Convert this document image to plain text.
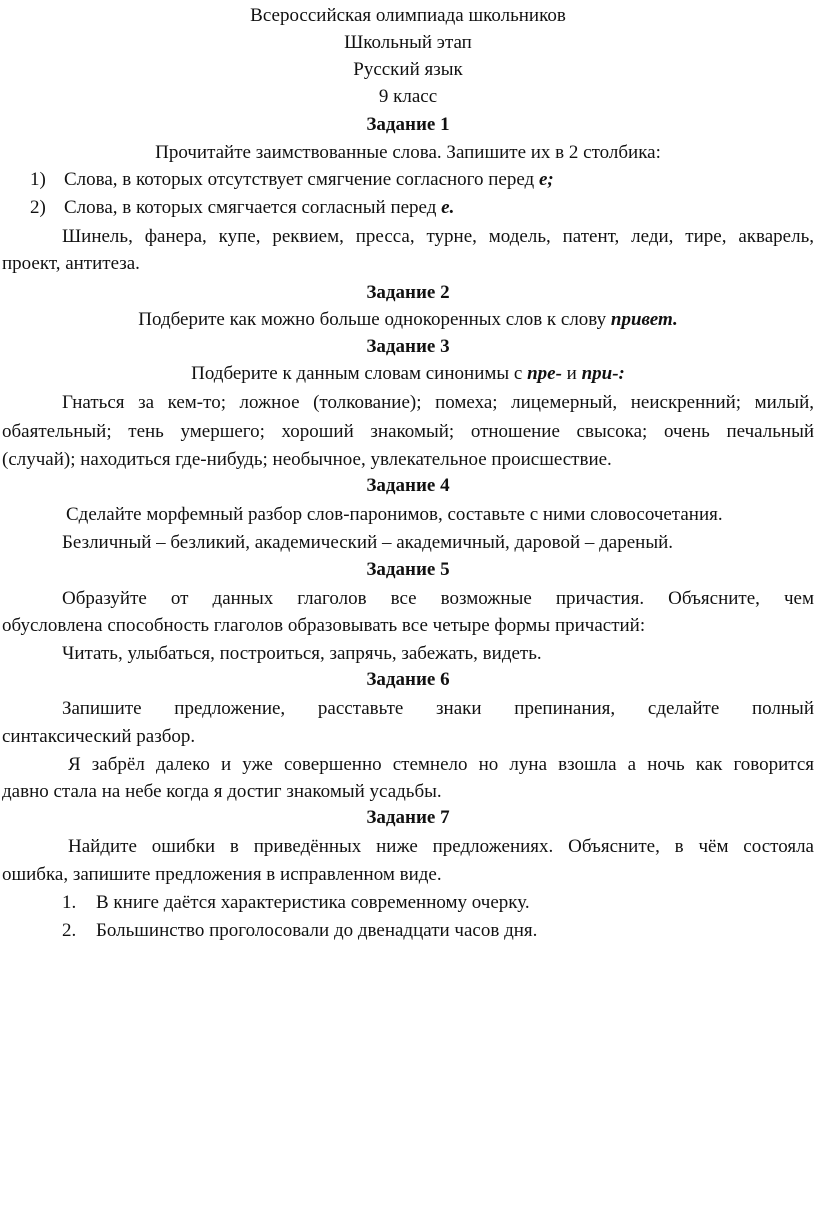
Всероссийская олимпиада школьников
Школьный этап
Русский язык
9 класс
Задание 1
Прочитайте заимствованные слова. Запишите их в 2 столбика:
1) Слова, в которых отсутствует смягчение согласного перед е;
2) Слова, в которых смягчается согласный перед е.
Шинель, фанера, купе, реквием, пресса, турне, модель, патент, леди, тире, акварель,
проект, антитеза.
Задание 2
Подберите как можно больше однокоренных слов к слову привет.
Задание 3
Подберите к данным словам синонимы с пре- и при-:
Гнаться за кем-то; ложное (толкование); помеха; лицемерный, неискренний; милый,
обаятельный; тень умершего; хороший знакомый; отношение свысока; очень печальный
(случай); находиться где-нибудь; необычное, увлекательное происшествие.
Задание 4
Сделайте морфемный разбор слов-паронимов, составьте с ними словосочетания.
Безличный – безликий, академический – академичный, даровой – дареный.
Задание 5
Образуйте от данных глаголов все возможные причастия. Объясните, чем
обусловлена способность глаголов образовывать все четыре формы причастий:
Читать, улыбаться, построиться, запрячь, забежать, видеть.
Задание 6
Запишите предложение, расставьте знаки препинания, сделайте полный
синтаксический разбор.
Я забрёл далеко и уже совершенно стемнело но луна взошла а ночь как говорится
давно стала на небе когда я достиг знакомый усадьбы.
Задание 7
Найдите ошибки в приведённых ниже предложениях. Объясните, в чём состояла
ошибка, запишите предложения в исправленном виде.
1. В книге даётся характеристика современному очерку.
2. Большинство проголосовали до двенадцати часов дня.
